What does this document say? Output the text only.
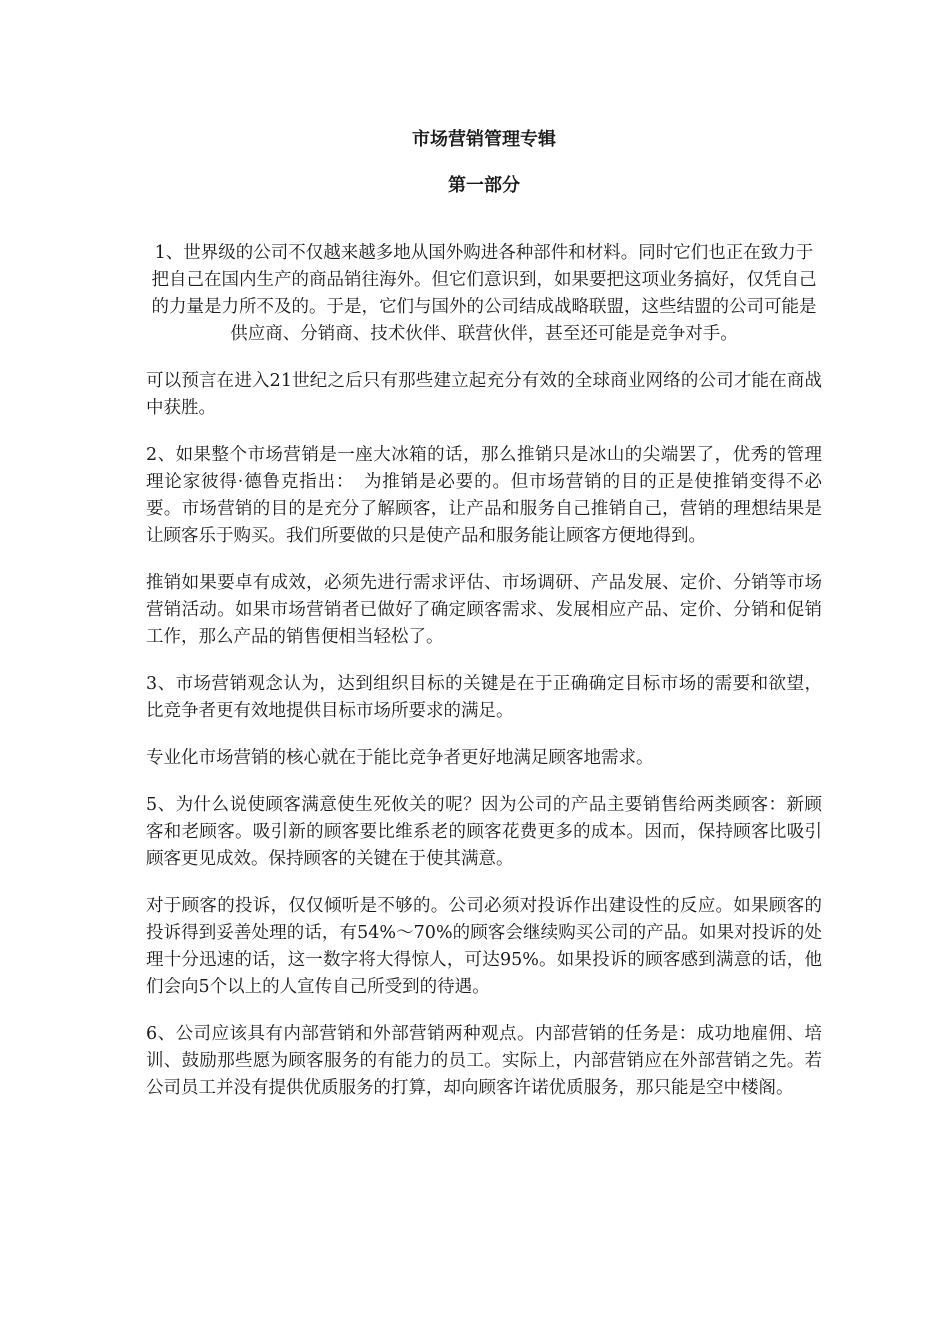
市场营销管理专辑
第一部分

1、世界级的公司不仅越来越多地从国外购进各种部件和材料。同时它们也正在致力于把自己在国内生产的商品销往海外。但它们意识到，如果要把这项业务搞好，仅凭自己的力量是力所不及的。于是，它们与国外的公司结成战略联盟，这些结盟的公司可能是供应商、分销商、技术伙伴、联营伙伴，甚至还可能是竞争对手。

可以预言在进入21世纪之后只有那些建立起充分有效的全球商业网络的公司才能在商战中获胜。

2、如果整个市场营销是一座大冰箱的话，那么推销只是冰山的尖端罢了，优秀的管理理论家彼得·德鲁克指出：　为推销是必要的。但市场营销的目的正是使推销变得不必要。市场营销的目的是充分了解顾客，让产品和服务自己推销自己，营销的理想结果是让顾客乐于购买。我们所要做的只是使产品和服务能让顾客方便地得到。

推销如果要卓有成效，必须先进行需求评估、市场调研、产品发展、定价、分销等市场营销活动。如果市场营销者已做好了确定顾客需求、发展相应产品、定价、分销和促销工作，那么产品的销售便相当轻松了。

3、市场营销观念认为，达到组织目标的关键是在于正确确定目标市场的需要和欲望，比竞争者更有效地提供目标市场所要求的满足。

专业化市场营销的核心就在于能比竞争者更好地满足顾客地需求。

5、为什么说使顾客满意使生死攸关的呢？因为公司的产品主要销售给两类顾客：新顾客和老顾客。吸引新的顾客要比维系老的顾客花费更多的成本。因而，保持顾客比吸引顾客更见成效。保持顾客的关键在于使其满意。

对于顾客的投诉，仅仅倾听是不够的。公司必须对投诉作出建设性的反应。如果顾客的投诉得到妥善处理的话，有54%～70%的顾客会继续购买公司的产品。如果对投诉的处理十分迅速的话，这一数字将大得惊人，可达95%。如果投诉的顾客感到满意的话，他们会向5个以上的人宣传自己所受到的待遇。

6、公司应该具有内部营销和外部营销两种观点。内部营销的任务是：成功地雇佣、培训、鼓励那些愿为顾客服务的有能力的员工。实际上，内部营销应在外部营销之先。若公司员工并没有提供优质服务的打算，却向顾客许诺优质服务，那只能是空中楼阁。
